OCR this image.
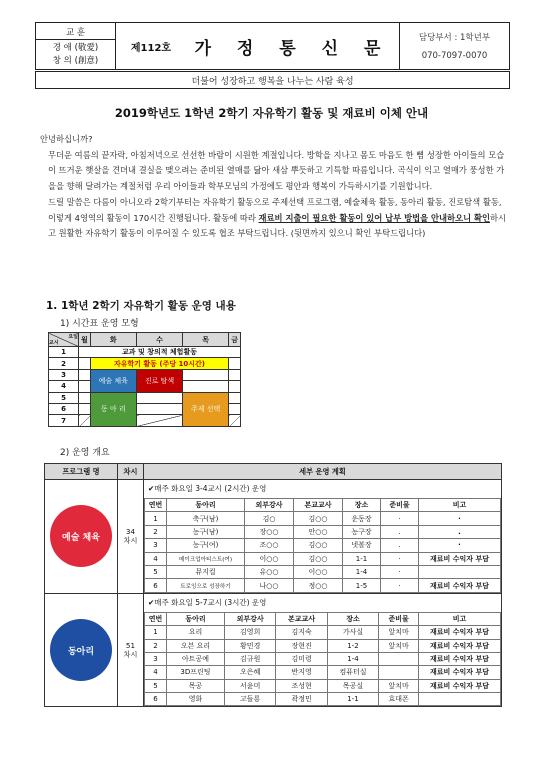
교 훈
경 애 (敬愛)
창 의 (創意)
제112호	가 정 통 신 문
담당부서 : 1학년부
070-7097-0070
더불어 성장하고 행복을 나누는 사람 육성
2019학년도 1학년 2학기 자유학기 활동 및 재료비 이체 안내

안녕하십니까?

무더운 여름의 끝자락, 아침저녁으로 선선한 바람이 시원한 계절입니다. 방학을 지나고 몸도 마음도 한 뼘 성장한 아이들의 모습이 뜨거운 햇살을 견뎌내 결실을 맺으려는 준비된 열매를 닮아 새삼 뿌듯하고 기특할 따름입니다. 곡식이 익고 열매가 풍성한 가을을 향해 달려가는 계절처럼 우리 아이들과 학부모님의 가정에도 평안과 행복이 가득하시기를 기원합니다.

드릴 말씀은 다름이 아니오라 2학기부터는 자유학기 활동으로 주제선택 프로그램, 예술체육 활동, 동아리 활동, 진로탐색 활동, 이렇게 4영역의 활동이 170시간 진행됩니다. 활동에 따라 재료비 지출이 필요한 활동이 있어 납부 방법을 안내하오니 확인하시고 원활한 자유학기 활동이 이루어질 수 있도록 협조 부탁드립니다. (뒷면까지 있으니 확인 부탁드립니다)

1. 1학년 2학기 자유학기 활동 운영 내용
1) 시간표 운영 모형
요일

교시	월	화	수	목	금
1	교과 및 창의적 체험활동				
2		자유학기 활동 (주당 10시간)			
3		예술 체육	진로 탐색		
4					
5		동 아 리		주제 선택	
6					
7					
2) 운영 개요
프로그램 명	차시	세부 운영 계획

예술 체육

34
차시

✔매주 화요일 3-4교시 (2시간) 운영
연번	동아리	외부강사	본교교사	장소	준비물	비고
1	축구(남)	김○	김○○	운동장	·	·
2	농구(남)	장○○	안○○	농구장	.	.
3	농구(여)	조○○	김○○	넷볼장	.	·
4	메이크업아티스트(여)	이○○	김○○	1-1	·	재료비 수익자 부담
5	뮤지컬	유○○	이○○	1-4	·	
6	트로잉으로 성장하기	나○○	정○○	1-5	·	재료비 수익자 부담

동아리

51
차시

✔매주 화요일 5-7교시 (3시간) 운영
연번	동아리	외부강사	본교교사	장소	준비물	비고
1	요리	김영희	김지숙	가사실	앞치마	재료비 수익자 부담
2	오븐 요리	황민경	장현진	1-2	앞치마	재료비 수익자 부담
3	아트공예	김규원	김미령	1-4		재료비 수익자 부담
4	3D프린팅	오은혜	반지영	컴퓨터실		재료비 수익자 부담
5	목공	서윤미	조성현	목공실	앞치마	재료비 수익자 부담
6	영화	고들룡	곽정민	1-1	효대폰	
